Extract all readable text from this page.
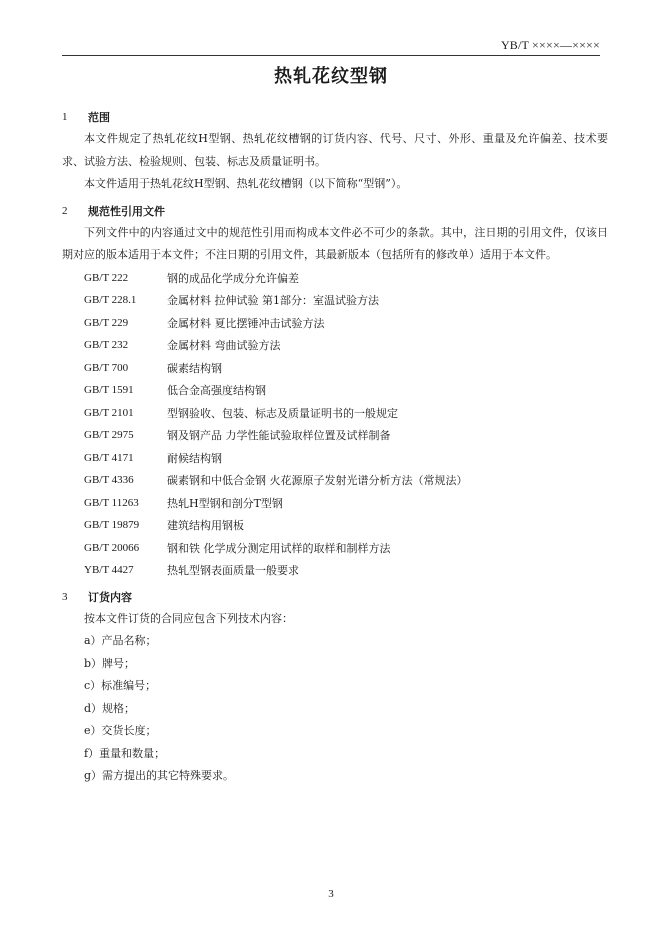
YB/T ××××—××××
热轧花纹型钢
1	范围

本文件规定了热轧花纹H型钢、热轧花纹槽钢的订货内容、代号、尺寸、外形、重量及允许偏差、技术要求、试验方法、检验规则、包装、标志及质量证明书。

本文件适用于热轧花纹H型钢、热轧花纹槽钢（以下简称“型钢”）。

2	规范性引用文件

下列文件中的内容通过文中的规范性引用而构成本文件必不可少的条款。其中，注日期的引用文件，仅该日期对应的版本适用于本文件；不注日期的引用文件，其最新版本（包括所有的修改单）适用于本文件。

GB/T 222	钢的成品化学成分允许偏差
GB/T 228.1	金属材料 拉伸试验 第1部分：室温试验方法
GB/T 229	金属材料 夏比摆锤冲击试验方法
GB/T 232	金属材料 弯曲试验方法
GB/T 700	碳素结构钢
GB/T 1591	低合金高强度结构钢
GB/T 2101	型钢验收、包装、标志及质量证明书的一般规定
GB/T 2975	钢及钢产品 力学性能试验取样位置及试样制备
GB/T 4171	耐候结构钢
GB/T 4336	碳素钢和中低合金钢 火花源原子发射光谱分析方法（常规法）
GB/T 11263	热轧H型钢和剖分T型钢
GB/T 19879	建筑结构用钢板
GB/T 20066	钢和铁 化学成分测定用试样的取样和制样方法
YB/T 4427	热轧型钢表面质量一般要求
3	订货内容

按本文件订货的合同应包含下列技术内容：

a）产品名称；
b）牌号；
c）标准编号；
d）规格；
e）交货长度；
f）重量和数量；
g）需方提出的其它特殊要求。
3
